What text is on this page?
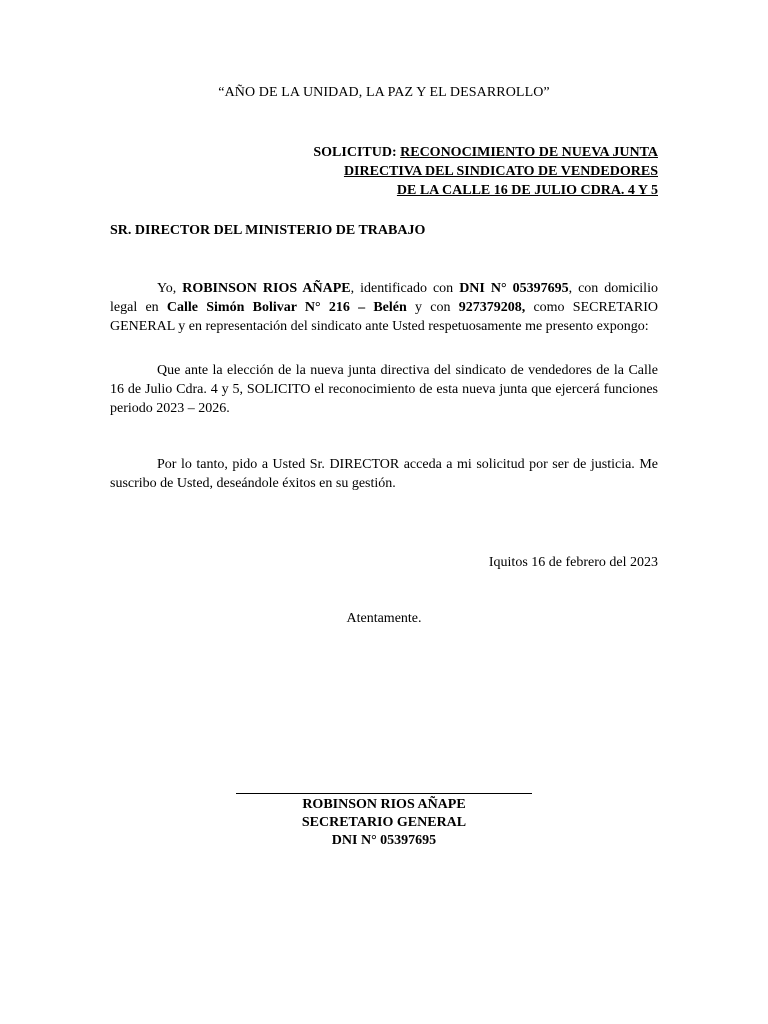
“AÑO DE LA UNIDAD, LA PAZ Y EL DESARROLLO”
SOLICITUD: RECONOCIMIENTO DE NUEVA JUNTA
DIRECTIVA DEL SINDICATO DE VENDEDORES
DE LA CALLE 16 DE JULIO CDRA. 4 Y 5
SR. DIRECTOR DEL MINISTERIO DE TRABAJO
Yo, ROBINSON RIOS AÑAPE, identificado con DNI N° 05397695, con domicilio legal en Calle Simón Bolivar N° 216 – Belén y con 927379208, como SECRETARIO GENERAL y en representación del sindicato ante Usted respetuosamente me presento expongo:
Que ante la elección de la nueva junta directiva del sindicato de vendedores de la Calle 16 de Julio Cdra. 4 y 5, SOLICITO el reconocimiento de esta nueva junta que ejercerá funciones periodo 2023 – 2026.
Por lo tanto, pido a Usted Sr. DIRECTOR acceda a mi solicitud por ser de justicia. Me suscribo de Usted, deseándole éxitos en su gestión.
Iquitos 16 de febrero del 2023
Atentamente.
ROBINSON RIOS AÑAPE
SECRETARIO GENERAL
DNI N° 05397695
